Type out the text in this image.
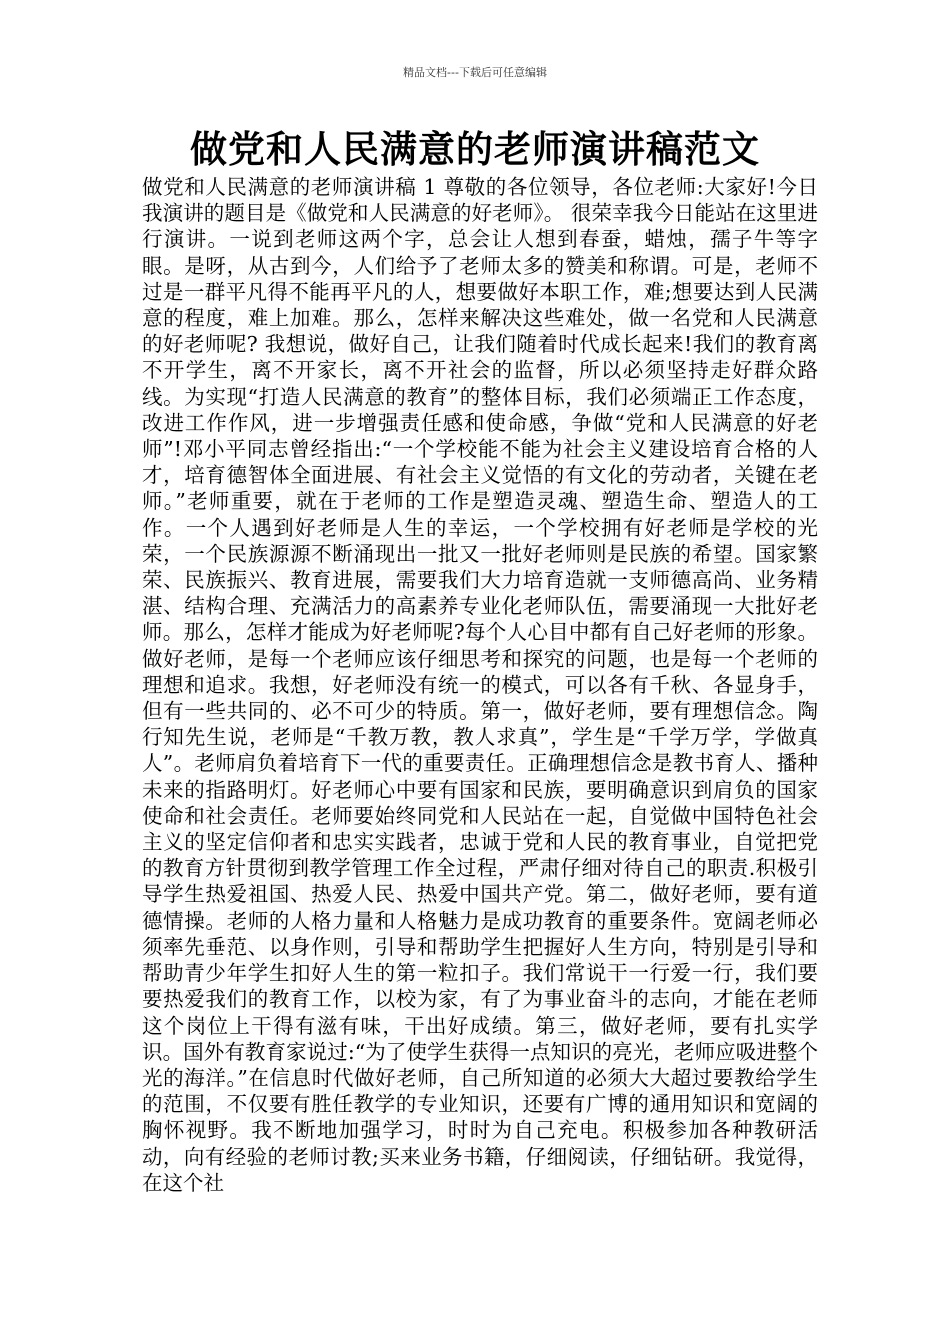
精品文档---下载后可任意编辑
做党和人民满意的老师演讲稿范文

做党和人民满意的老师演讲稿 1 尊敬的各位领导，各位老师:大家好!今日我演讲的题目是《做党和人民满意的好老师》。 很荣幸我今日能站在这里进行演讲。一说到老师这两个字，总会让人想到春蚕，蜡烛，孺子牛等字眼。是呀，从古到今，人们给予了老师太多的赞美和称谓。可是，老师不过是一群平凡得不能再平凡的人，想要做好本职工作，难;想要达到人民满意的程度，难上加难。那么，怎样来解决这些难处，做一名党和人民满意的好老师呢? 我想说，做好自己，让我们随着时代成长起来!我们的教育离不开学生，离不开家长，离不开社会的监督，所以必须坚持走好群众路线。为实现“打造人民满意的教育”的整体目标，我们必须端正工作态度，改进工作作风，进一步增强责任感和使命感，争做“党和人民满意的好老师”!邓小平同志曾经指出:“一个学校能不能为社会主义建设培育合格的人才，培育德智体全面进展、有社会主义觉悟的有文化的劳动者，关键在老师。”老师重要，就在于老师的工作是塑造灵魂、塑造生命、塑造人的工作。一个人遇到好老师是人生的幸运，一个学校拥有好老师是学校的光荣，一个民族源源不断涌现出一批又一批好老师则是民族的希望。国家繁荣、民族振兴、教育进展，需要我们大力培育造就一支师德高尚、业务精湛、结构合理、充满活力的高素养专业化老师队伍，需要涌现一大批好老师。那么，怎样才能成为好老师呢?每个人心目中都有自己好老师的形象。做好老师，是每一个老师应该仔细思考和探究的问题，也是每一个老师的理想和追求。我想，好老师没有统一的模式，可以各有千秋、各显身手，但有一些共同的、必不可少的特质。第一，做好老师，要有理想信念。陶行知先生说，老师是“千教万教，教人求真”，学生是“千学万学，学做真人”。老师肩负着培育下一代的重要责任。正确理想信念是教书育人、播种未来的指路明灯。好老师心中要有国家和民族，要明确意识到肩负的国家使命和社会责任。老师要始终同党和人民站在一起，自觉做中国特色社会主义的坚定信仰者和忠实实践者，忠诚于党和人民的教育事业，自觉把党的教育方针贯彻到教学管理工作全过程，严肃仔细对待自己的职责.积极引导学生热爱祖国、热爱人民、热爱中国共产党。第二，做好老师，要有道德情操。老师的人格力量和人格魅力是成功教育的重要条件。宽阔老师必须率先垂范、以身作则，引导和帮助学生把握好人生方向，特别是引导和帮助青少年学生扣好人生的第一粒扣子。我们常说干一行爱一行，我们要要热爱我们的教育工作，以校为家，有了为事业奋斗的志向，才能在老师这个岗位上干得有滋有味，干出好成绩。第三，做好老师，要有扎实学识。国外有教育家说过:“为了使学生获得一点知识的亮光，老师应吸进整个光的海洋。”在信息时代做好老师，自己所知道的必须大大超过要教给学生的范围，不仅要有胜任教学的专业知识，还要有广博的通用知识和宽阔的胸怀视野。我不断地加强学习，时时为自己充电。积极参加各种教研活动，向有经验的老师讨教;买来业务书籍，仔细阅读，仔细钻研。我觉得，在这个社
